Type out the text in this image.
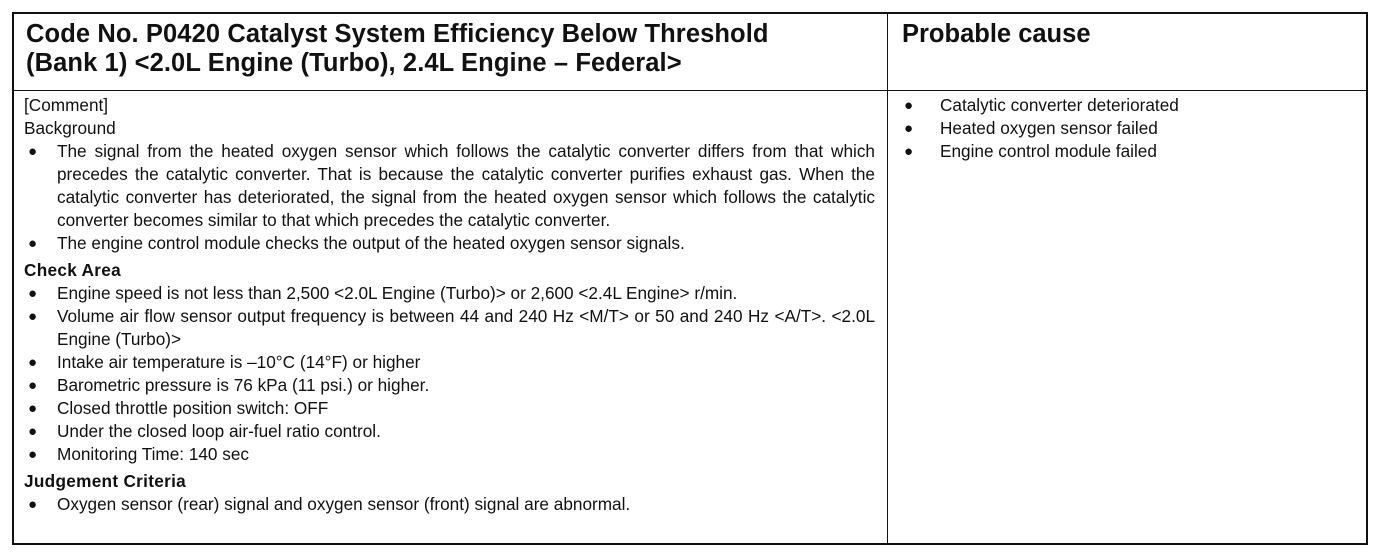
Code No. P0420 Catalyst System Efficiency Below Threshold
(Bank 1) <2.0L Engine (Turbo), 2.4L Engine – Federal>
Probable cause
[Comment]
Background
● The signal from the heated oxygen sensor which follows the catalytic converter differs from that which precedes the catalytic converter. That is because the catalytic converter purifies exhaust gas. When the catalytic converter has deteriorated, the signal from the heated oxygen sensor which follows the catalytic converter becomes similar to that which precedes the catalytic converter.
● The engine control module checks the output of the heated oxygen sensor signals.
Check Area
● Engine speed is not less than 2,500 <2.0L Engine (Turbo)> or 2,600 <2.4L Engine> r/min.
● Volume air flow sensor output frequency is between 44 and 240 Hz <M/T> or 50 and 240 Hz <A/T>. <2.0L Engine (Turbo)>
● Intake air temperature is –10°C (14°F) or higher
● Barometric pressure is 76 kPa (11 psi.) or higher.
● Closed throttle position switch: OFF
● Under the closed loop air-fuel ratio control.
● Monitoring Time: 140 sec
Judgement Criteria
● Oxygen sensor (rear) signal and oxygen sensor (front) signal are abnormal.
● Catalytic converter deteriorated
● Heated oxygen sensor failed
● Engine control module failed
